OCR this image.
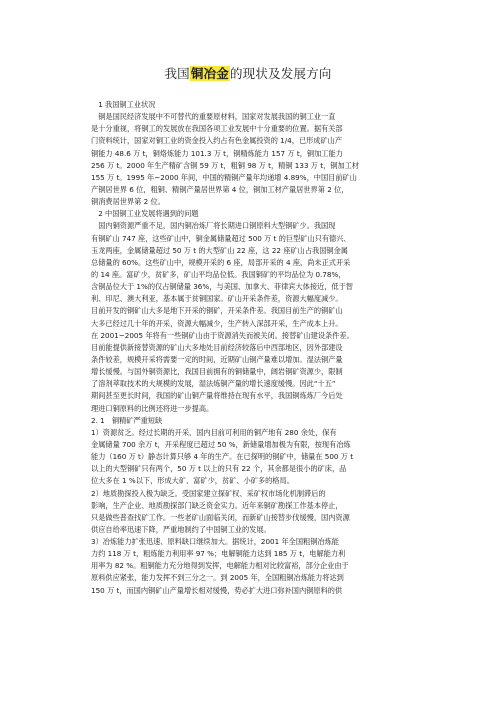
我国铜冶金的现状及发展方向
　1 我国铜工业状况
　铜是国民经济发展中不可替代的重要原材料，国家对发展我国的铜工业一直
是十分重视，将铜工的发展放在我国各项工业发展中十分重要的位置。据有关部
门资料统计，国家对铜工业的资金投入约占有色金属投资的 1/4，已形成矿山产
铜能力 48.6 万 t，铜烙炼能力 101.3 万 t，铜精炼能力 157 万 t，铜加工能力
256 万 t。2000 年生产精矿含铜 59 万 t，粗铜 98 万 t，精铜 133 万 t，铜加工材
155 万 t。1995 年~2000 年间，中国的精铜产量年均递增 4.89%，中国目前矿山
产铜居世界 6 位，粗铜、精铜产量居世界第 4 位，铜加工材产量居世界第 2 位，
铜消费居世界第 2 位。
　2 中国铜工业发展将遇到的问题
　国内铜资源严重不足，国内铜冶炼厂将长期进口铜原料大型铜矿少。我国现
有铜矿山 747 座，这些矿山中，铜金属储量超过 500 万 t 的巨型矿山只有德兴、
玉龙两座，金属储量超过 50 万 t 的大型矿山 22 座，这 22 座矿山占我国铜金属
总储量的 60%。这些矿山中，规模开采的 6 座，局部开采的 4 座，尚未正式开采
的 14 座。富矿少，贫矿多，矿山平均品位低。我国铜矿的平均品位为 0.78%，
含铜品位大于 1%的仅占铜储量 36%，与美国、加拿大、菲律宾大体接近，低于智
利、印尼、澳大利亚，基本属于贫铜国家。矿山开采条件差，资源大幅度减少。
目前开发的铜矿山大多是地下开采的铜矿，开采条件差。我国目前生产的铜矿山
大多已经过几十年的开采，资源大幅减少，生产转入深部开采，生产成本上升。
在 2001~2005 年将有一些铜矿山由于资源消失而被关闭。接替矿山建设条件差。
目前能提供新接替资源的矿山大多地处目前经济较落后中西部地区，因外部建设
条件较差，规模开采将需要一定的时间，近期矿山铜产量难以增加。湿法铜产量
增长缓慢。与国外铜资源比，我国目前拥有的铜储量中，阔岩铜矿资源少，限制
了溶剂萃取技术的大规模的发展，湿法炼铜产量的增长速度缓慢。因此“十五”
期间甚至更长时间，我国的矿山铜产量将维持在现有水平，我国铜炼炼厂今后处
理进口铜原料的比例还将进一步提高。
2. 1　铜精矿严重短缺
1）资源贫乏。经过长期的开采，国内目前可利用的铜产地有 280 余处，保有
金属储量 700 余万 t，开采程度已超过 50 %，新储量增加极为有限，按现有冶炼
能力（160 万 t）静态计算只够 4 年的生产。在已探明的铜矿中，储量在 500 万 t
以上的大型铜矿只有两个，50 万 t 以上的只有 22 个，其余都是很小的矿床，品
位大多在 1 %以下，形成大矿、富矿少，贫矿、小矿多的格局。
2）地质勘探投入极为缺乏。受国家建立探矿权、采矿权市场化机制滞后的
影响，生产企业、地质勘探部门缺乏资金实力。近年来铜矿勘探工作基本停止，
只是做些普查找矿工作。一些老矿山面临关闭，而新矿山接替步伐缓慢，国内资源
供应自给率迅速下降，严重地制约了中国铜工业的发展。
3）冶炼能力扩张迅速、原料缺口继续加大。据统计，2001 年全国粗铜冶炼能
力约 118 万 t，粗炼能力利用率 97 %；电解铜能力达到 185 万 t，电解能力利
用率为 82 %。粗铜能力充分地得到发挥，电解能力相对比较富裕，部分企业由于
原料供应紧张，能力发挥不到三分之一。到 2005 年，全国粗铜冶炼能力将达到
150 万 t，而国内铜矿山产量增长相对缓慢，势必扩大进口弥补国内铜原料的供
